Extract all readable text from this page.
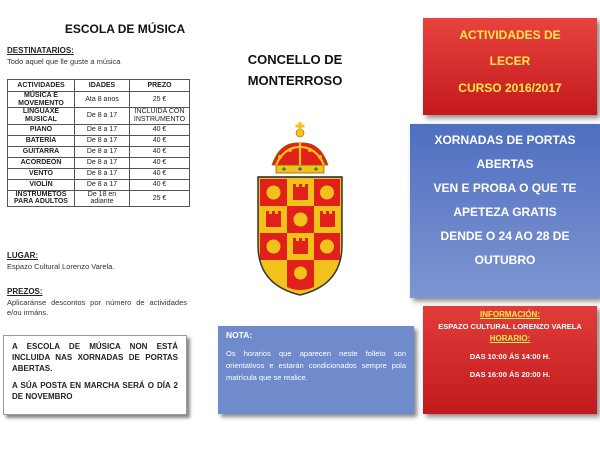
ESCOLA DE MÚSICA
DESTINATARIOS:
Todo aquel que lle guste a música
ACTIVIDADES	IDADES	PREZO
MÚSICA E MOVEMENTO	Ata 8 anos	25 €
LINGUAXE MUSICAL	De 8 a 17	INCLUIDA CON INSTRUMENTO
PIANO	De 8 a 17	40 €
BATERÍA	De 8 a 17	40 €
GUITARRA	De 8 a 17	40 €
ACORDEÓN	De 8 a 17	40 €
VENTO	De 8 a 17	40 €
VIOLÍN	De 8 a 17	40 €
INSTRUMETOS PARA ADULTOS	De 18 en adiante	25 €
LUGAR:
Espazo Cultural Lorenzo Varela.
PREZOS:
Aplicaránse descontos por número de actividades e/ou irmáns.

A ESCOLA DE MÚSICA NON ESTÁ INCLUIDA NAS XORNADAS DE PORTAS ABERTAS.

A SÚA POSTA EN MARCHA SERÁ O DÍA 2 DE NOVEMBRO

CONCELLO DE
MONTERROSO
NOTA:
Os horarios que aparecen neste folleto son orientativos e estarán condicionados sempre pola matrícula que se realice.
ACTIVIDADES DE
LECER
CURSO 2016/2017
XORNADAS DE PORTAS
ABERTAS
VEN E PROBA O QUE TE
APETEZA GRATIS
DENDE O 24 AO 28 DE
OUTUBRO
INFORMACIÓN:
ESPAZO CULTURAL LORENZO VARELA
HORARIO:
DAS 10:00 ÁS 14:00 H.
DAS 16:00 ÁS 20:00 H.
